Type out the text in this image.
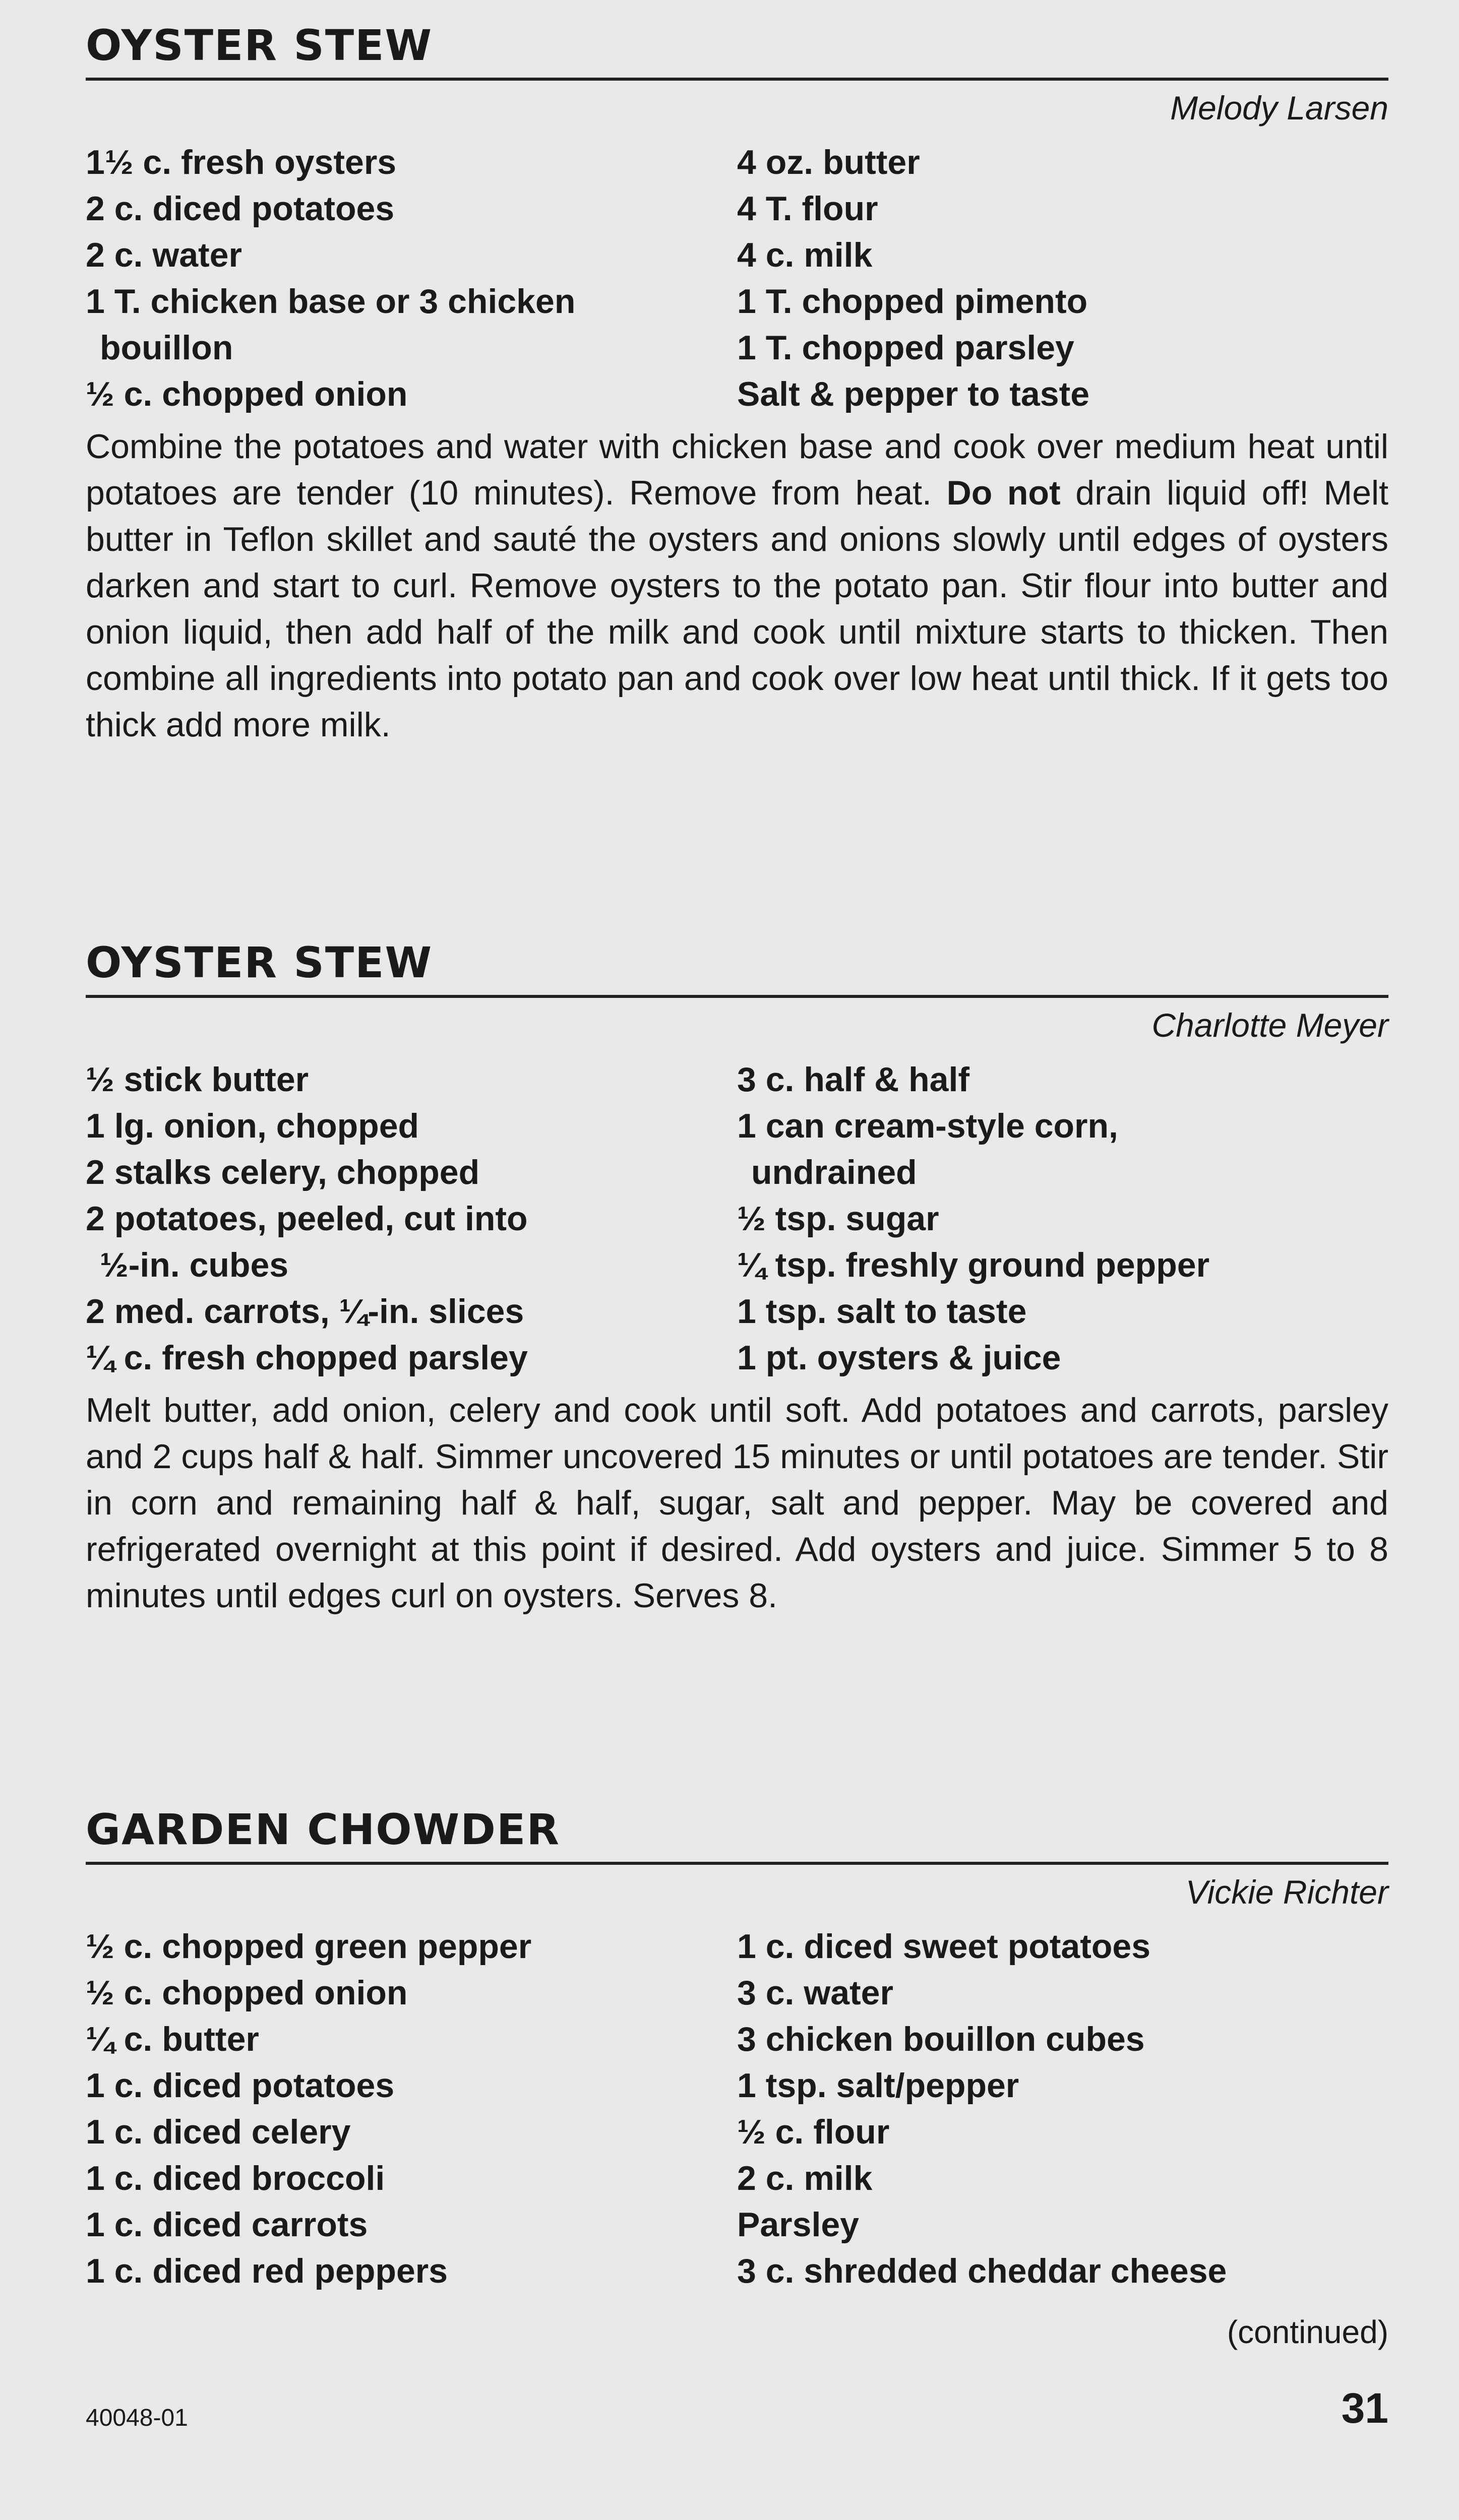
OYSTER STEW
Melody Larsen
1½ c. fresh oysters
2 c. diced potatoes
2 c. water
1 T. chicken base or 3 chicken
bouillon
½ c. chopped onion
4 oz. butter
4 T. flour
4 c. milk
1 T. chopped pimento
1 T. chopped parsley
Salt & pepper to taste

Combine the potatoes and water with chicken base and cook over medium heat until potatoes are tender (10 minutes). Remove from heat. Do not drain liquid off! Melt butter in Teflon skillet and sauté the oysters and onions slowly until edges of oysters darken and start to curl. Remove oysters to the potato pan. Stir flour into butter and onion liquid, then add half of the milk and cook until mixture starts to thicken. Then combine all ingredients into potato pan and cook over low heat until thick. If it gets too thick add more milk.

OYSTER STEW
Charlotte Meyer
½ stick butter
1 lg. onion, chopped
2 stalks celery, chopped
2 potatoes, peeled, cut into
½-in. cubes
2 med. carrots, ¼-in. slices
¼ c. fresh chopped parsley
3 c. half & half
1 can cream-style corn,
undrained
½ tsp. sugar
¼ tsp. freshly ground pepper
1 tsp. salt to taste
1 pt. oysters & juice

Melt butter, add onion, celery and cook until soft. Add potatoes and carrots, parsley and 2 cups half & half. Simmer uncovered 15 minutes or until potatoes are tender. Stir in corn and remaining half & half, sugar, salt and pepper. May be covered and refrigerated overnight at this point if desired. Add oysters and juice. Simmer 5 to 8 minutes until edges curl on oysters. Serves 8.

GARDEN CHOWDER
Vickie Richter
½ c. chopped green pepper
½ c. chopped onion
¼ c. butter
1 c. diced potatoes
1 c. diced celery
1 c. diced broccoli
1 c. diced carrots
1 c. diced red peppers
1 c. diced sweet potatoes
3 c. water
3 chicken bouillon cubes
1 tsp. salt/pepper
½ c. flour
2 c. milk
Parsley
3 c. shredded cheddar cheese
(continued)
40048-01	31
